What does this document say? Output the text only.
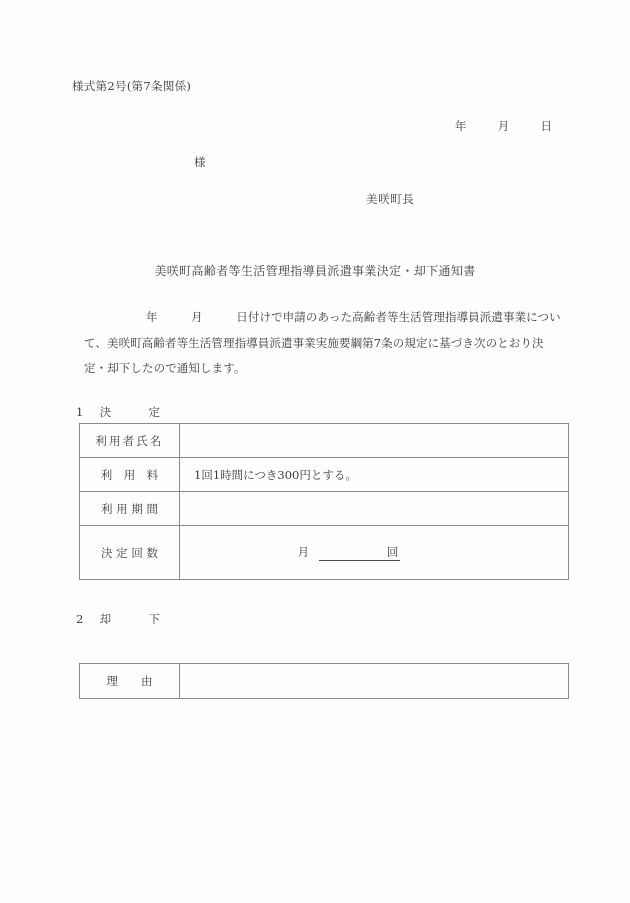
様式第2号(第7条関係)
年	月	日
様
美咲町長
美咲町高齢者等生活管理指導員派遣事業決定・却下通知書
年	月	日付けで申請のあった高齢者等生活管理指導員派遣事業につい
て、美咲町高齢者等生活管理指導員派遣事業実施要綱第7条の規定に基づき次のとおり決
定・却下したので通知します。
1 決	定
利用者氏名	
利　用　料	1回1時間につき300円とする。
利 用 期 間	
決 定 回 数	月 回
2 却	下
理　　由	
